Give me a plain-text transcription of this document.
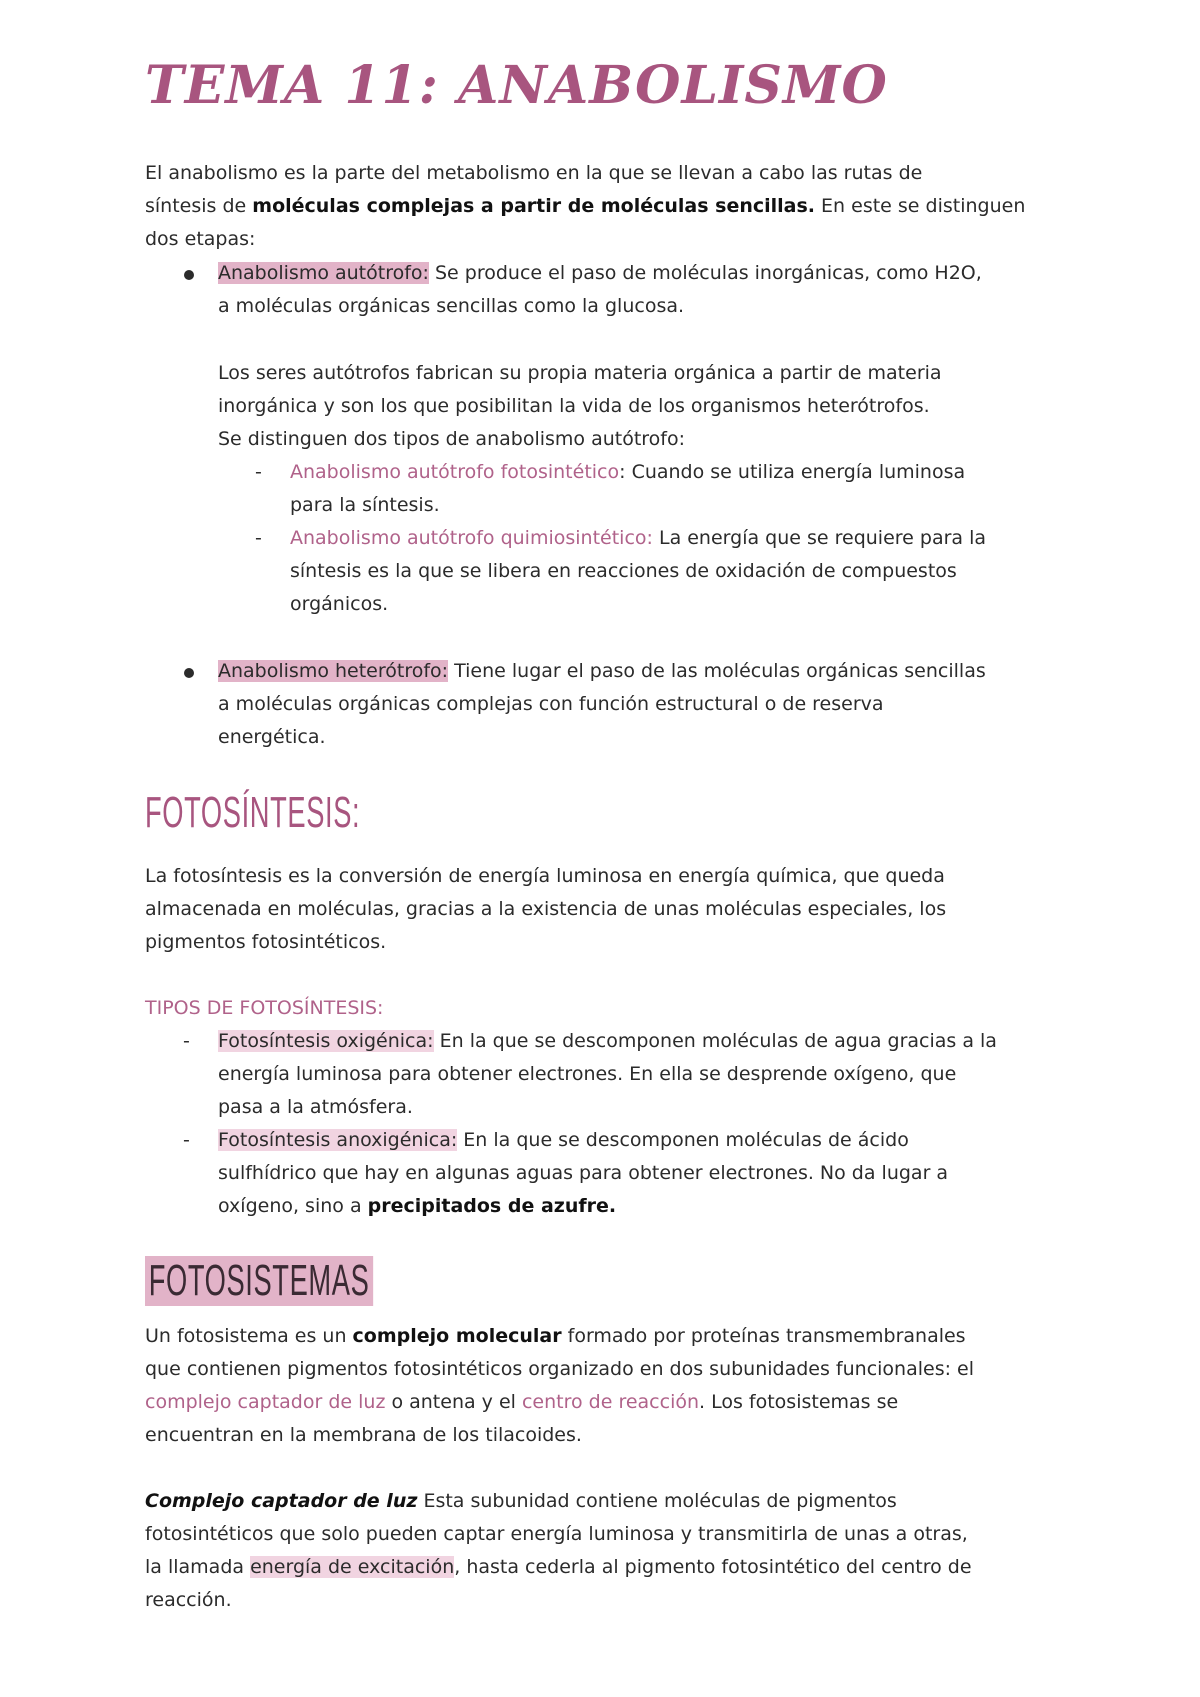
TEMA 11: ANABOLISMO

El anabolismo es la parte del metabolismo en la que se llevan a cabo las rutas de

síntesis de moléculas complejas a partir de moléculas sencillas. En este se distinguen

dos etapas:

Anabolismo autótrofo: Se produce el paso de moléculas inorgánicas, como H2O,

a moléculas orgánicas sencillas como la glucosa.

Los seres autótrofos fabrican su propia materia orgánica a partir de materia

inorgánica y son los que posibilitan la vida de los organismos heterótrofos.

Se distinguen dos tipos de anabolismo autótrofo:

- Anabolismo autótrofo fotosintético: Cuando se utiliza energía luminosa

para la síntesis.

- Anabolismo autótrofo quimiosintético: La energía que se requiere para la

síntesis es la que se libera en reacciones de oxidación de compuestos

orgánicos.

Anabolismo heterótrofo: Tiene lugar el paso de las moléculas orgánicas sencillas

a moléculas orgánicas complejas con función estructural o de reserva

energética.

FOTOSÍNTESIS:

La fotosíntesis es la conversión de energía luminosa en energía química, que queda

almacenada en moléculas, gracias a la existencia de unas moléculas especiales, los

pigmentos fotosintéticos.

TIPOS DE FOTOSÍNTESIS:

- Fotosíntesis oxigénica: En la que se descomponen moléculas de agua gracias a la

energía luminosa para obtener electrones. En ella se desprende oxígeno, que

pasa a la atmósfera.

- Fotosíntesis anoxigénica: En la que se descomponen moléculas de ácido

sulfhídrico que hay en algunas aguas para obtener electrones. No da lugar a

oxígeno, sino a precipitados de azufre.

FOTOSISTEMAS

Un fotosistema es un complejo molecular formado por proteínas transmembranales

que contienen pigmentos fotosintéticos organizado en dos subunidades funcionales: el

complejo captador de luz o antena y el centro de reacción. Los fotosistemas se

encuentran en la membrana de los tilacoides.

Complejo captador de luz Esta subunidad contiene moléculas de pigmentos

fotosintéticos que solo pueden captar energía luminosa y transmitirla de unas a otras,

la llamada energía de excitación, hasta cederla al pigmento fotosintético del centro de

reacción.
